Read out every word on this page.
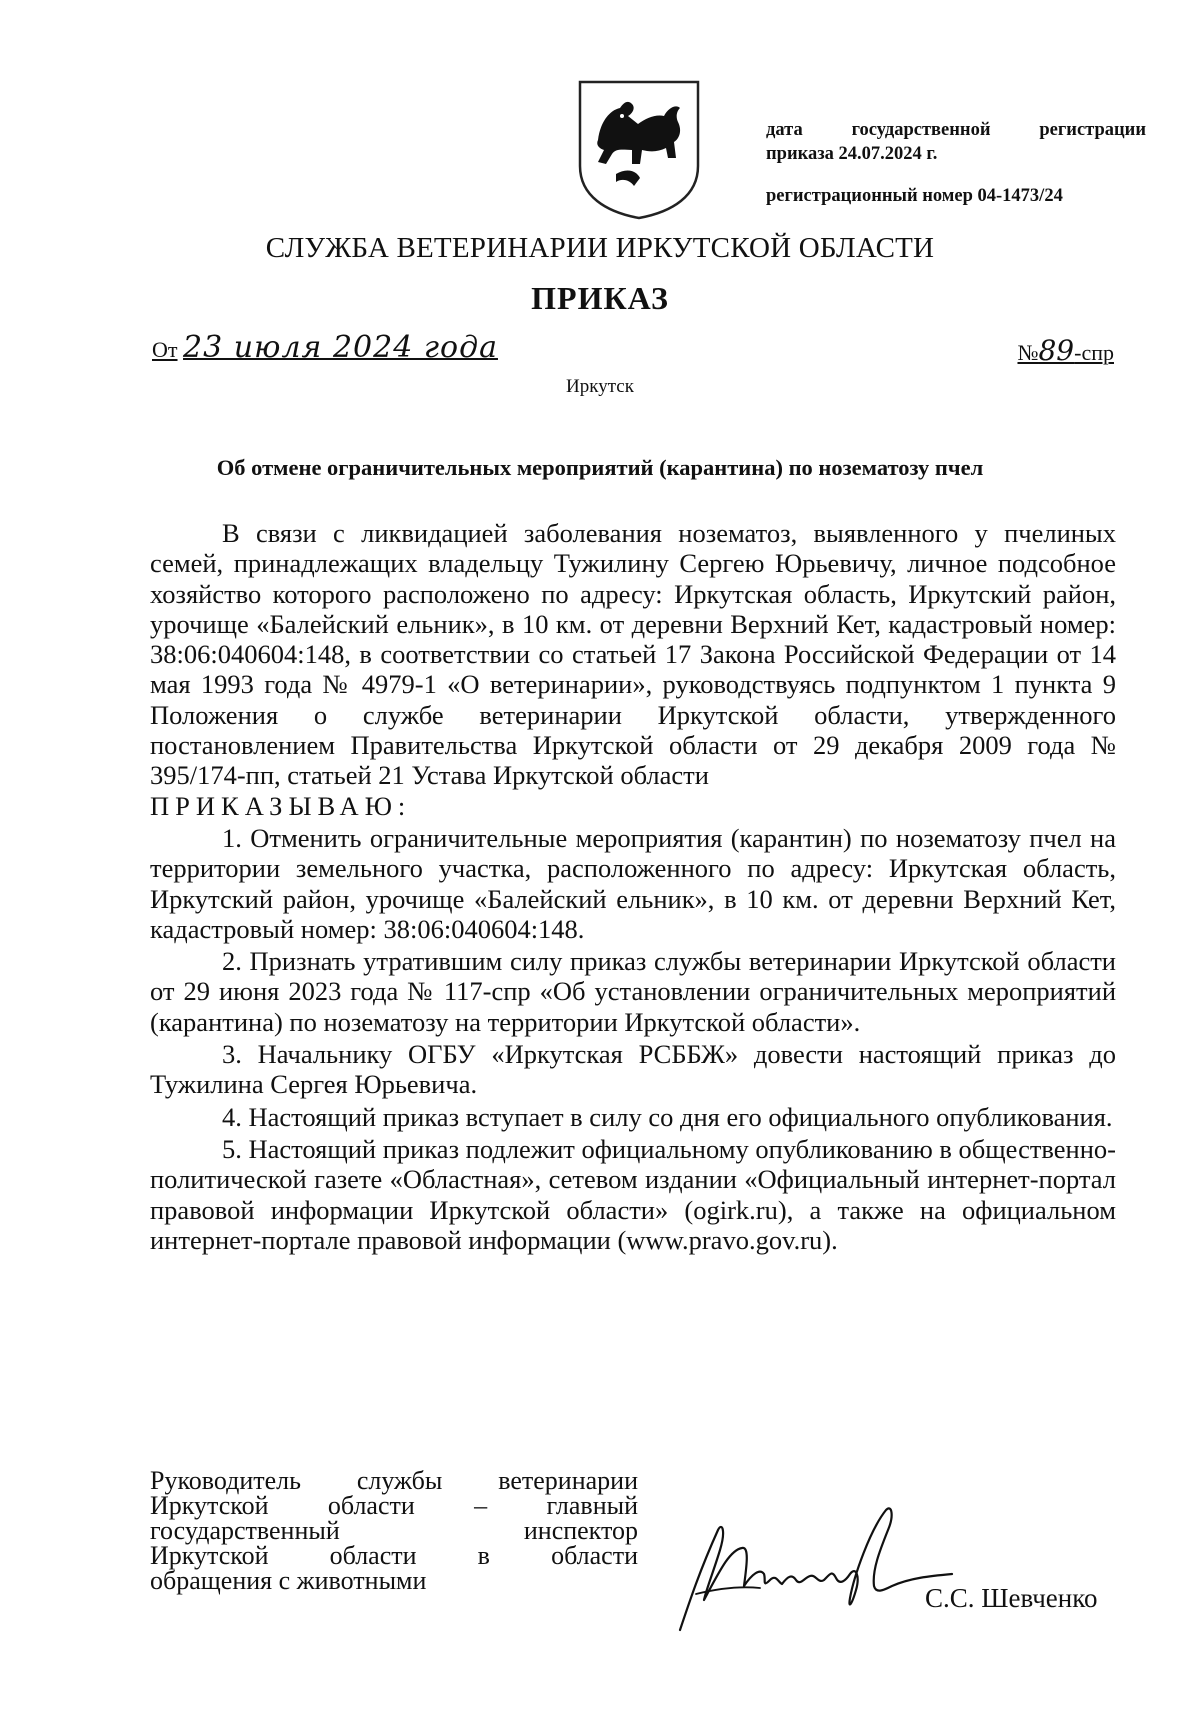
дата государственной регистрации
приказа 24.07.2024 г.
регистрационный номер 04-1473/24
СЛУЖБА ВЕТЕРИНАРИИ ИРКУТСКОЙ ОБЛАСТИ
ПРИКАЗ
От 23 июля 2024 года	№89-спр
Иркутск
Об отмене ограничительных мероприятий (карантина) по нозематозу пчел

В связи с ликвидацией заболевания нозематоз, выявленного у пчелиных семей, принадлежащих владельцу Тужилину Сергею Юрьевичу, личное подсобное хозяйство которого расположено по адресу: Иркутская область, Иркутский район, урочище «Балейский ельник», в 10 км. от деревни Верхний Кет, кадастровый номер: 38:06:040604:148, в соответствии со статьей 17 Закона Российской Федерации от 14 мая 1993 года № 4979-1 «О ветеринарии», руководствуясь подпунктом 1 пункта 9 Положения о службе ветеринарии Иркутской области, утвержденного постановлением Правительства Иркутской области от 29 декабря 2009 года № 395/174-пп, статьей 21 Устава Иркутской области

ПРИКАЗЫВАЮ:

1. Отменить ограничительные мероприятия (карантин) по нозематозу пчел на территории земельного участка, расположенного по адресу: Иркутская область, Иркутский район, урочище «Балейский ельник», в 10 км. от деревни Верхний Кет, кадастровый номер: 38:06:040604:148.

2. Признать утратившим силу приказ службы ветеринарии Иркутской области от 29 июня 2023 года № 117-спр «Об установлении ограничительных мероприятий (карантина) по нозематозу на территории Иркутской области».

3. Начальнику ОГБУ «Иркутская РСББЖ» довести настоящий приказ до Тужилина Сергея Юрьевича.

4. Настоящий приказ вступает в силу со дня его официального опубликования.

5. Настоящий приказ подлежит официальному опубликованию в общественно-политической газете «Областная», сетевом издании «Официальный интернет-портал правовой информации Иркутской области» (ogirk.ru), а также на официальном интернет-портале правовой информации (www.pravo.gov.ru).

Руководитель службы ветеринарии
Иркутской области – главный
государственный инспектор
Иркутской области в области
обращения с животными
С.С. Шевченко
